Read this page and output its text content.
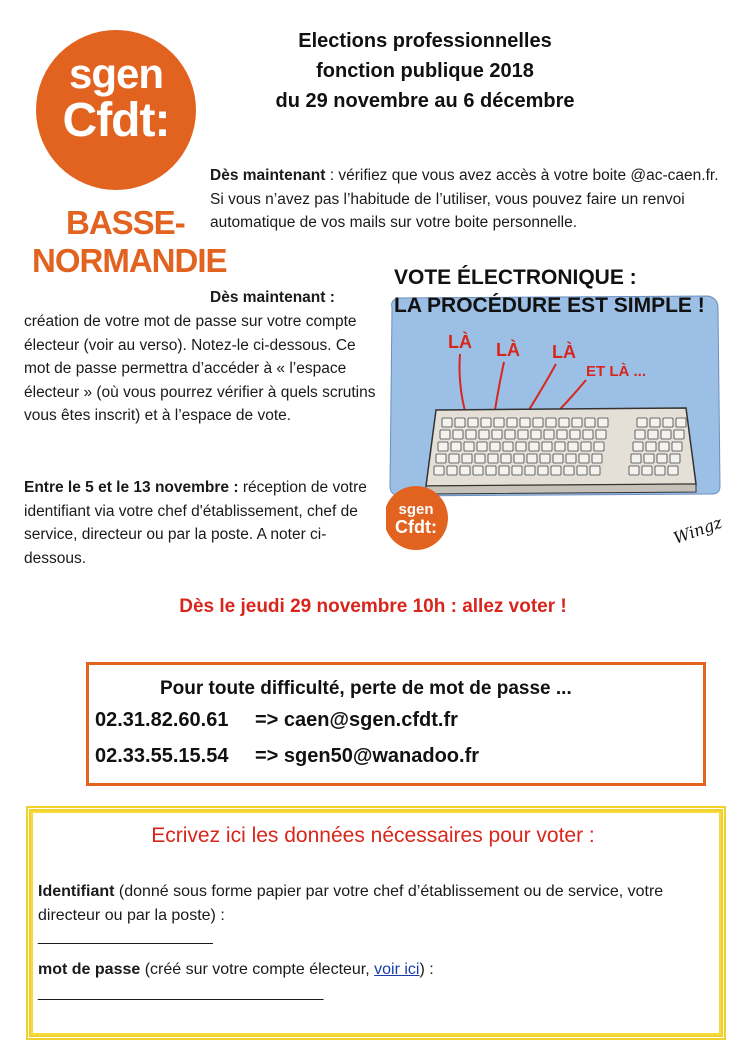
sgen
Cfdt:
BASSE-
NORMANDIE
Elections professionnelles
fonction publique 2018
du 29 novembre au 6 décembre
Dès maintenant : vérifiez que vous avez accès à votre boite @ac-caen.fr. Si vous n’avez pas l’habitude de l’utiliser, vous pouvez faire un renvoi automatique de vos mails sur votre boite personnelle.
Dès maintenant :
création de votre mot de passe sur votre compte électeur (voir au verso). Notez-le ci-dessous. Ce mot de passe permettra d’accéder à « l’espace électeur » (où vous pourrez vérifier à quels scrutins vous êtes inscrit) et à l’espace de vote.
Entre le 5 et le 13 novembre : réception de votre identifiant via votre chef d'établissement, chef de service, directeur ou par la poste. A noter ci-dessous.
VOTE ÉLECTRONIQUE :
LA PROCÉDURE EST SIMPLE !
LÀ LÀ LÀ
ET LÀ ...
sgen
Cfdt:	Wingz
Dès le jeudi 29 novembre 10h : allez voter !
Pour toute difficulté, perte de mot de passe ...
02.31.82.60.61 => caen@sgen.cfdt.fr
02.33.55.15.54 => sgen50@wanadoo.fr
Ecrivez ici les données nécessaires pour voter :
Identifiant (donné sous forme papier par votre chef d’établissement ou de service, votre directeur ou par la poste) :
______________________
mot de passe (créé sur votre compte électeur, voir ici) :
____________________________________
